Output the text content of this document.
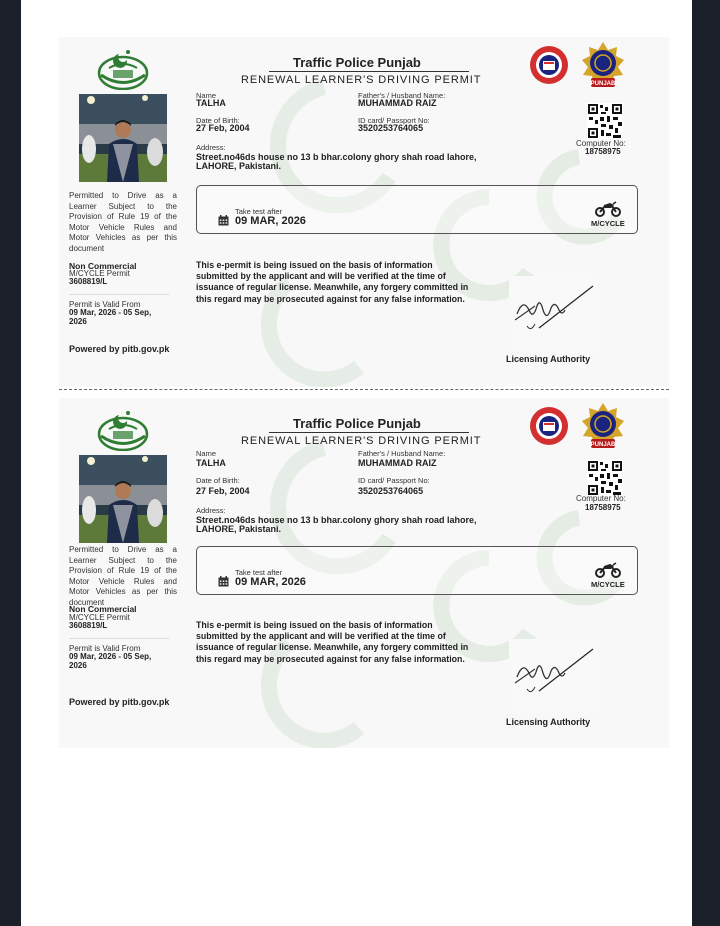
Traffic Police Punjab
RENEWAL LEARNER'S DRIVING PERMIT	PUNJAB
Name
TALHA
Father's / Husband Name:
MUHAMMAD RAIZ
Date of Birth:
27 Feb, 2004
ID card/ Passport No:
3520253764065
Computer No:
18758975
Address:
Street.no46ds house no 13 b bhar.colony ghory shah road lahore,
LAHORE, Pakistani.
Permitted to Drive as a Learner Subject to the Provision of Rule 19 of the Motor Vehicle Rules and Motor Vehicles as per this document
Non Commercial
M/CYCLE Permit
3608819/L
Permit is Valid From
09 Mar, 2026 - 05 Sep,
2026
Powered by pitb.gov.pk
Take test after
09 MAR, 2026	M/CYCLE
This e-permit is being issued on the basis of information submitted by the applicant and will be verified at the time of issuance of regular license. Meanwhile, any forgery committed in this regard may be prosecuted against for any false information.
Licensing Authority
Traffic Police Punjab
RENEWAL LEARNER'S DRIVING PERMIT	PUNJAB
Name
TALHA
Father's / Husband Name:
MUHAMMAD RAIZ
Date of Birth:
27 Feb, 2004
ID card/ Passport No:
3520253764065
Computer No:
18758975
Address:
Street.no46ds house no 13 b bhar.colony ghory shah road lahore,
LAHORE, Pakistani.
Permitted to Drive as a Learner Subject to the Provision of Rule 19 of the Motor Vehicle Rules and Motor Vehicles as per this document
Non Commercial
M/CYCLE Permit
3608819/L
Permit is Valid From
09 Mar, 2026 - 05 Sep,
2026
Powered by pitb.gov.pk
Take test after
09 MAR, 2026	M/CYCLE
This e-permit is being issued on the basis of information submitted by the applicant and will be verified at the time of issuance of regular license. Meanwhile, any forgery committed in this regard may be prosecuted against for any false information.
Licensing Authority
